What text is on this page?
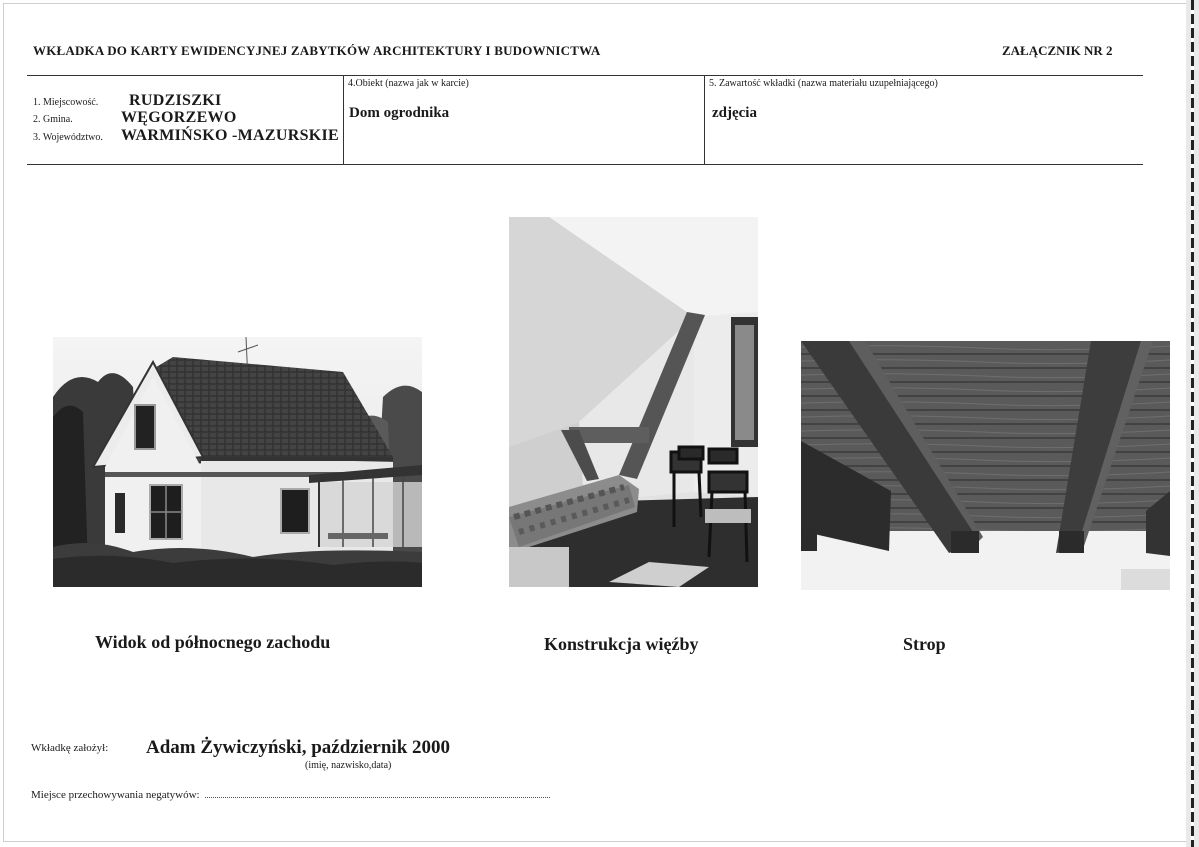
WKŁADKA DO KARTY EWIDENCYJNEJ ZABYTKÓW ARCHITEKTURY I BUDOWNICTWA	ZAŁĄCZNIK NR 2
1. Miejscowość. RUDZISZKI
2. Gmina.	WĘGORZEWO
3. Województwo. WARMIŃSKO -MAZURSKIE
4.Obiekt (nazwa jak w karcie)
Dom ogrodnika
5. Zawartość wkładki (nazwa materiału uzupełniającego)
zdjęcia
Widok od północnego zachodu	Konstrukcja więźby	Strop
Wkładkę założył: Adam Żywiczyński, październik 2000
(imię, nazwisko,data)
Miejsce przechowywania negatywów:
